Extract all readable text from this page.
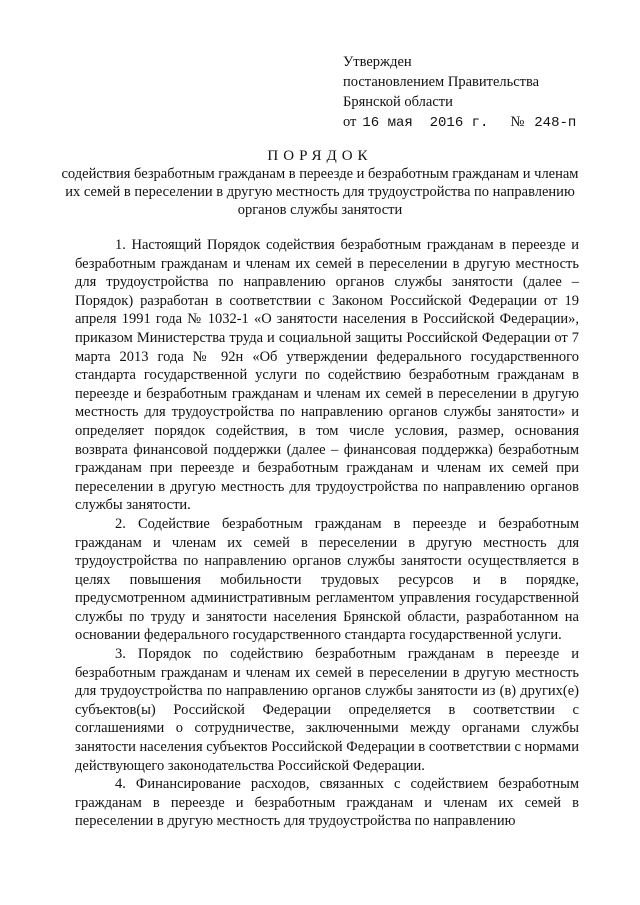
Утвержден
постановлением Правительства
Брянской области
от 16 мая  2016 г. № 248-п
ПОРЯДОК
содействия безработным гражданам в переезде и безработным гражданам и членам их семей в переселении в другую местность для трудоустройства по направлению органов службы занятости

1. Настоящий Порядок содействия безработным гражданам в переезде и безработным гражданам и членам их семей в переселении в другую местность для трудоустройства по направлению органов службы занятости (далее – Порядок) разработан в соответствии с Законом Российской Федерации от 19 апреля 1991 года № 1032-1 «О занятости населения в Российской Федерации», приказом Министерства труда и социальной защиты Российской Федерации от 7 марта 2013 года № 92н «Об утверждении федерального государственного стандарта государственной услуги по содействию безработным гражданам в переезде и безработным гражданам и членам их семей в переселении в другую местность для трудоустройства по направлению органов службы занятости» и определяет порядок содействия, в том числе условия, размер, основания возврата финансовой поддержки (далее – финансовая поддержка) безработным гражданам при переезде и безработным гражданам и членам их семей при переселении в другую местность для трудоустройства по направлению органов службы занятости.

2. Содействие безработным гражданам в переезде и безработным гражданам и членам их семей в переселении в другую местность для трудоустройства по направлению органов службы занятости осуществляется в целях повышения мобильности трудовых ресурсов и в порядке, предусмотренном административным регламентом управления государственной службы по труду и занятости населения Брянской области, разработанном на основании федерального государственного стандарта государственной услуги.

3. Порядок по содействию безработным гражданам в переезде и безработным гражданам и членам их семей в переселении в другую местность для трудоустройства по направлению органов службы занятости из (в) других(е) субъектов(ы) Российской Федерации определяется в соответствии с соглашениями о сотрудничестве, заключенными между органами службы занятости населения субъектов Российской Федерации в соответствии с нормами действующего законодательства Российской Федерации.

4. Финансирование расходов, связанных с содействием безработным гражданам в переезде и безработным гражданам и членам их семей в переселении в другую местность для трудоустройства по направлению
